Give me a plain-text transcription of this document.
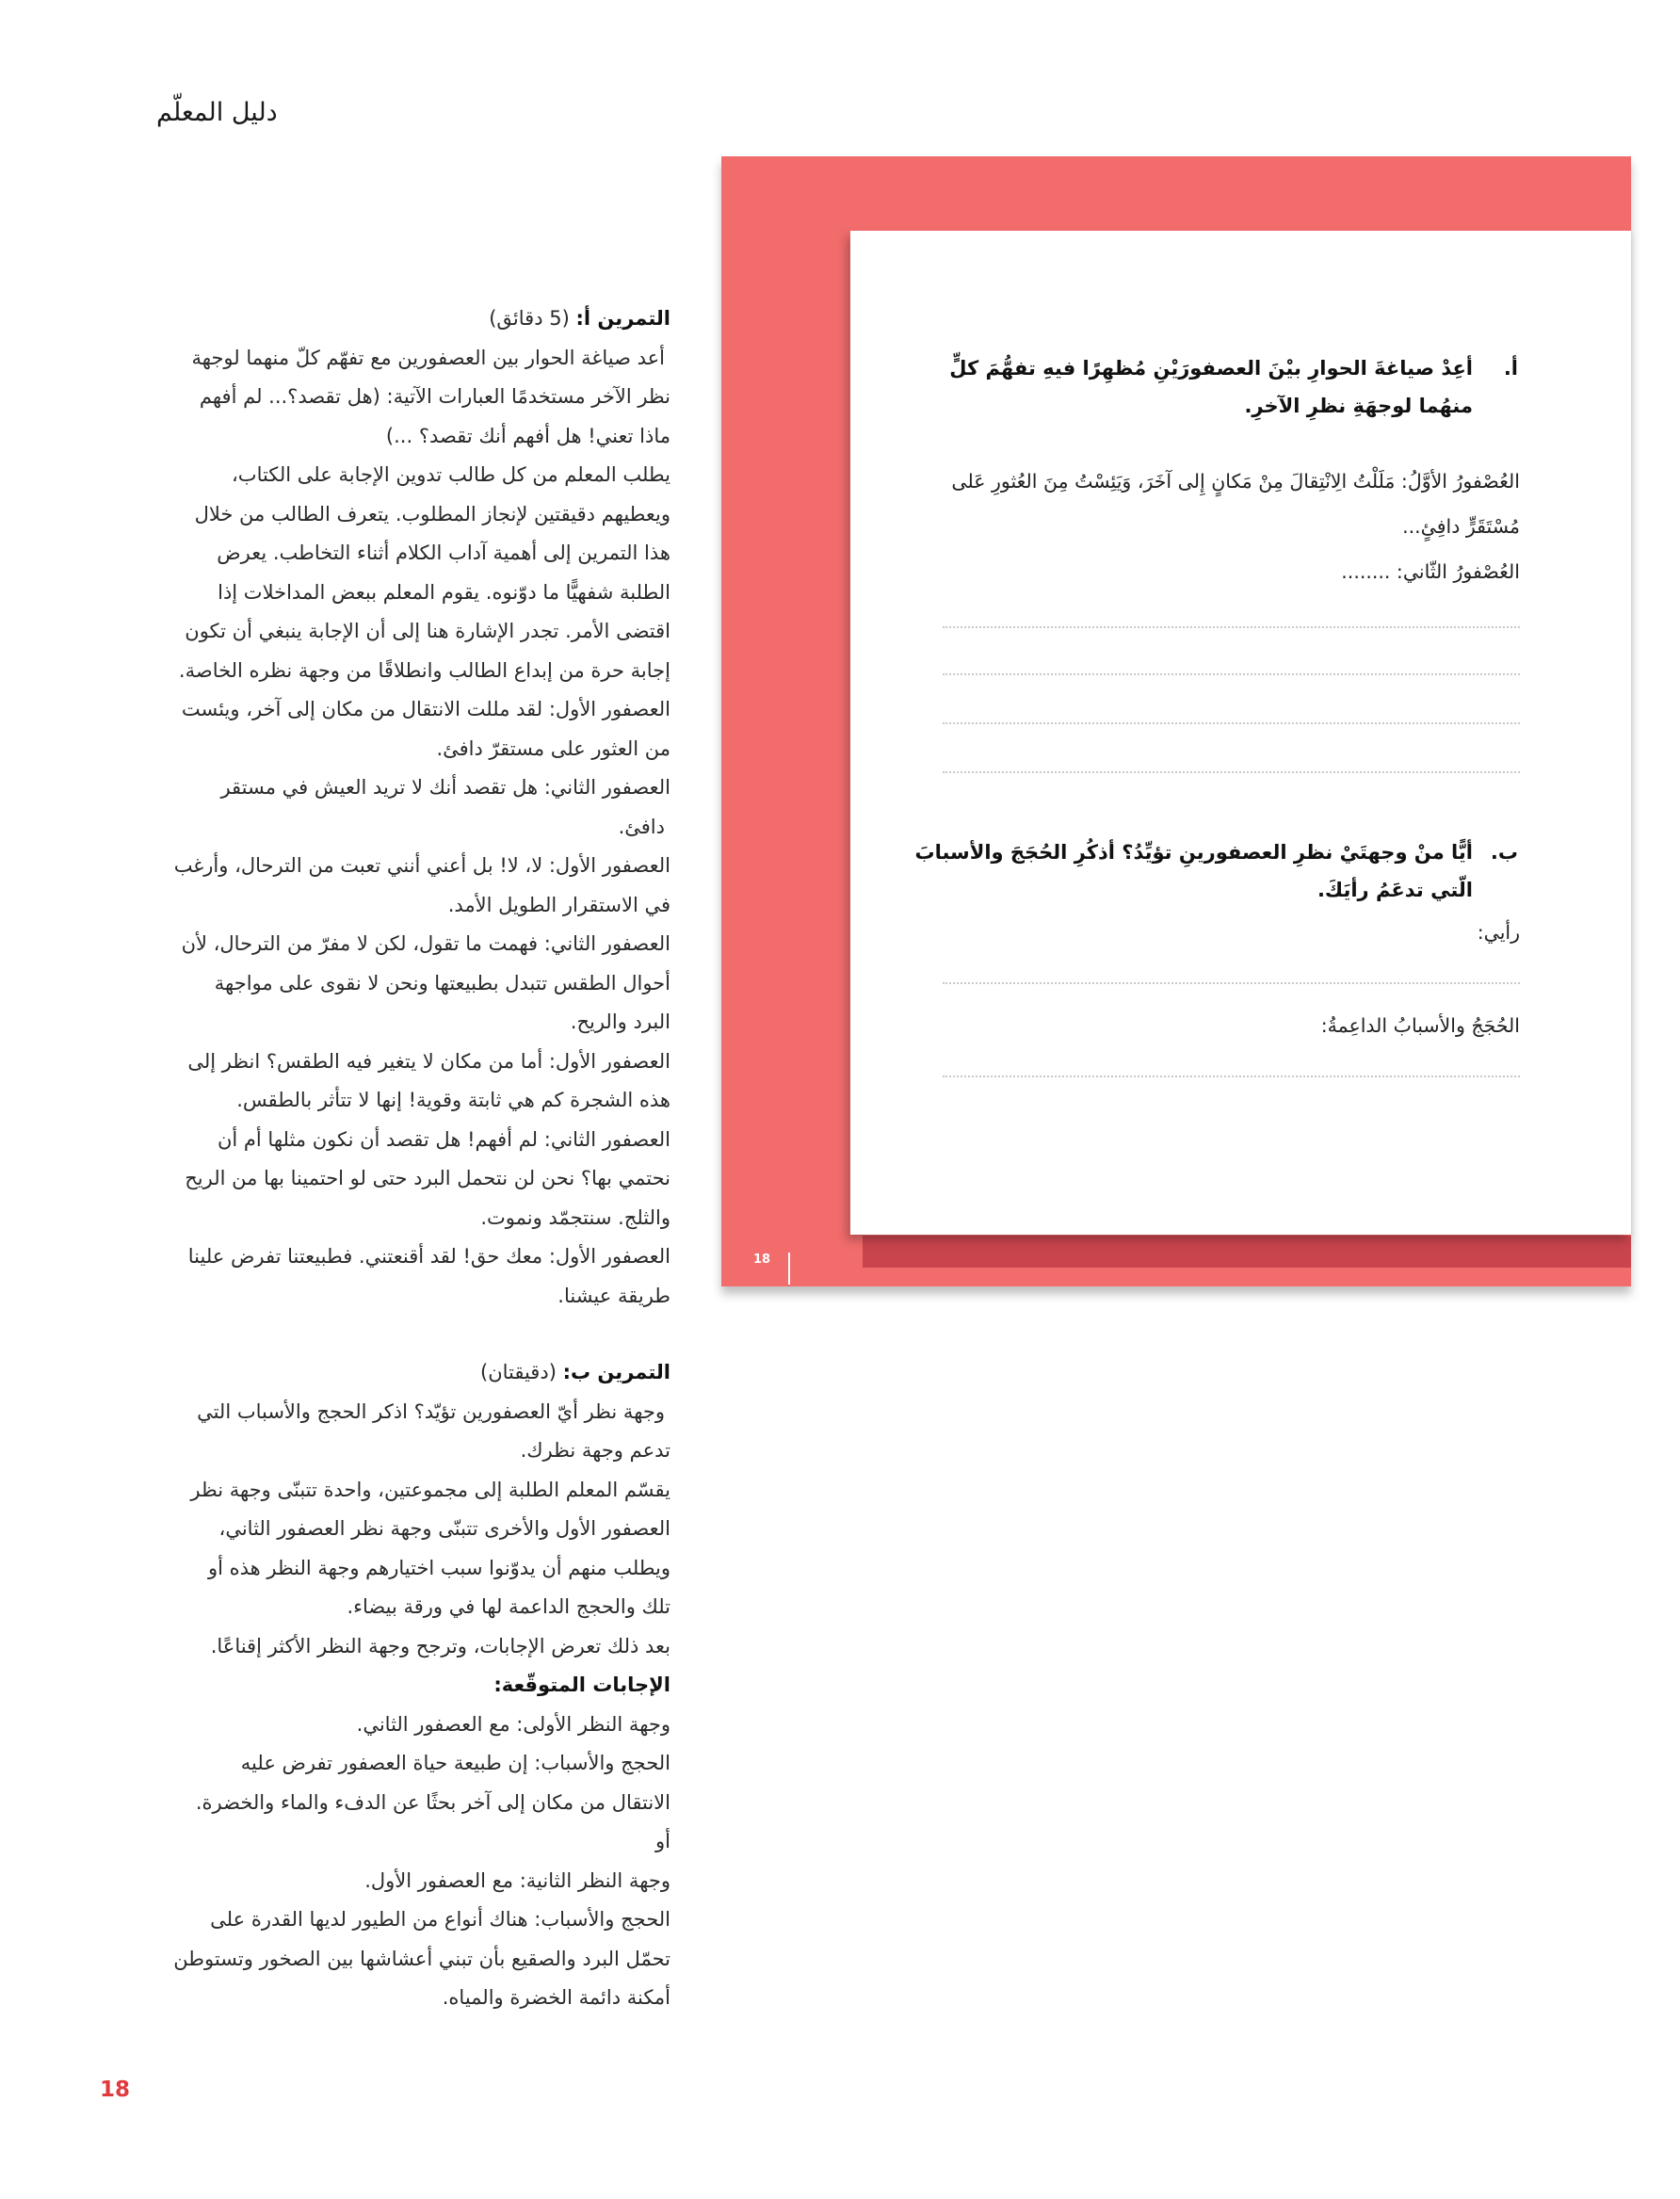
دليل المعلّم

التمرين أ: (5 دقائق)

أعد صياغة الحوار بين العصفورين مع تفهّم كلّ منهما لوجهة

نظر الآخر مستخدمًا العبارات الآتية: (هل تقصد؟... لم أفهم

ماذا تعني! هل أفهم أنك تقصد؟ ...)

يطلب المعلم من كل طالب تدوين الإجابة على الكتاب،

ويعطيهم دقيقتين لإنجاز المطلوب. يتعرف الطالب من خلال

هذا التمرين إلى أهمية آداب الكلام أثناء التخاطب. يعرض

الطلبة شفهيًّا ما دوّنوه. يقوم المعلم ببعض المداخلات إذا

اقتضى الأمر. تجدر الإشارة هنا إلى أن الإجابة ينبغي أن تكون

إجابة حرة من إبداع الطالب وانطلاقًا من وجهة نظره الخاصة.

العصفور الأول: لقد مللت الانتقال من مكان إلى آخر، ويئست

من العثور على مستقرّ دافئ.

العصفور الثاني: هل تقصد أنك لا تريد العيش في مستقر

دافئ.

العصفور الأول: لا، لا! بل أعني أنني تعبت من الترحال، وأرغب

في الاستقرار الطويل الأمد.

العصفور الثاني: فهمت ما تقول، لكن لا مفرّ من الترحال، لأن

أحوال الطقس تتبدل بطبيعتها ونحن لا نقوى على مواجهة

البرد والريح.

العصفور الأول: أما من مكان لا يتغير فيه الطقس؟ انظر إلى

هذه الشجرة كم هي ثابتة وقوية! إنها لا تتأثر بالطقس.

العصفور الثاني: لم أفهم! هل تقصد أن نكون مثلها أم أن

نحتمي بها؟ نحن لن نتحمل البرد حتى لو احتمينا بها من الريح

والثلج. سنتجمّد ونموت.

العصفور الأول: معك حق! لقد أقنعتني. فطبيعتنا تفرض علينا

طريقة عيشنا.

التمرين ب: (دقيقتان)

وجهة نظر أيّ العصفورين تؤيّد؟ اذكر الحجج والأسباب التي

تدعم وجهة نظرك.

يقسّم المعلم الطلبة إلى مجموعتين، واحدة تتبنّى وجهة نظر

العصفور الأول والأخرى تتبنّى وجهة نظر العصفور الثاني،

ويطلب منهم أن يدوّنوا سبب اختيارهم وجهة النظر هذه أو

تلك والحجج الداعمة لها في ورقة بيضاء.

بعد ذلك تعرض الإجابات، وترجح وجهة النظر الأكثر إقناعًا.

الإجابات المتوقّعة:

وجهة النظر الأولى: مع العصفور الثاني.

الحجج والأسباب: إن طبيعة حياة العصفور تفرض عليه

الانتقال من مكان إلى آخر بحثًا عن الدفء والماء والخضرة.

أو

وجهة النظر الثانية: مع العصفور الأول.

الحجج والأسباب: هناك أنواع من الطيور لديها القدرة على

تحمّل البرد والصقيع بأن تبني أعشاشها بين الصخور وتستوطن

أمكنة دائمة الخضرة والمياه.

18
أ.
أعِدْ صياغةَ الحوارِ بيْنَ العصفورَيْنِ مُظهِرًا فيهِ تفهُّمَ كلٍّ منهُما لوجهَةِ نظرِ الآخرِ.
العُصْفورُ الأوَّلُ: مَلَلْتُ الِانْتِقالَ مِنْ مَكانٍ إِلى آخَرَ، وَيَئِسْتُ مِنَ العُثورِ عَلى
مُسْتَقَرٍّ دافِئٍ...
العُصْفورُ الثّاني: ........
ب.
أيًّا منْ وجهتَيْ نظرِ العصفورينِ تؤيِّدُ؟ أذكُرِ الحُجَجَ والأسبابَ الّتي تدعَمُ رأيَكَ.
رأيي:
الحُجَجُ والأسبابُ الداعِمةُ:
18
